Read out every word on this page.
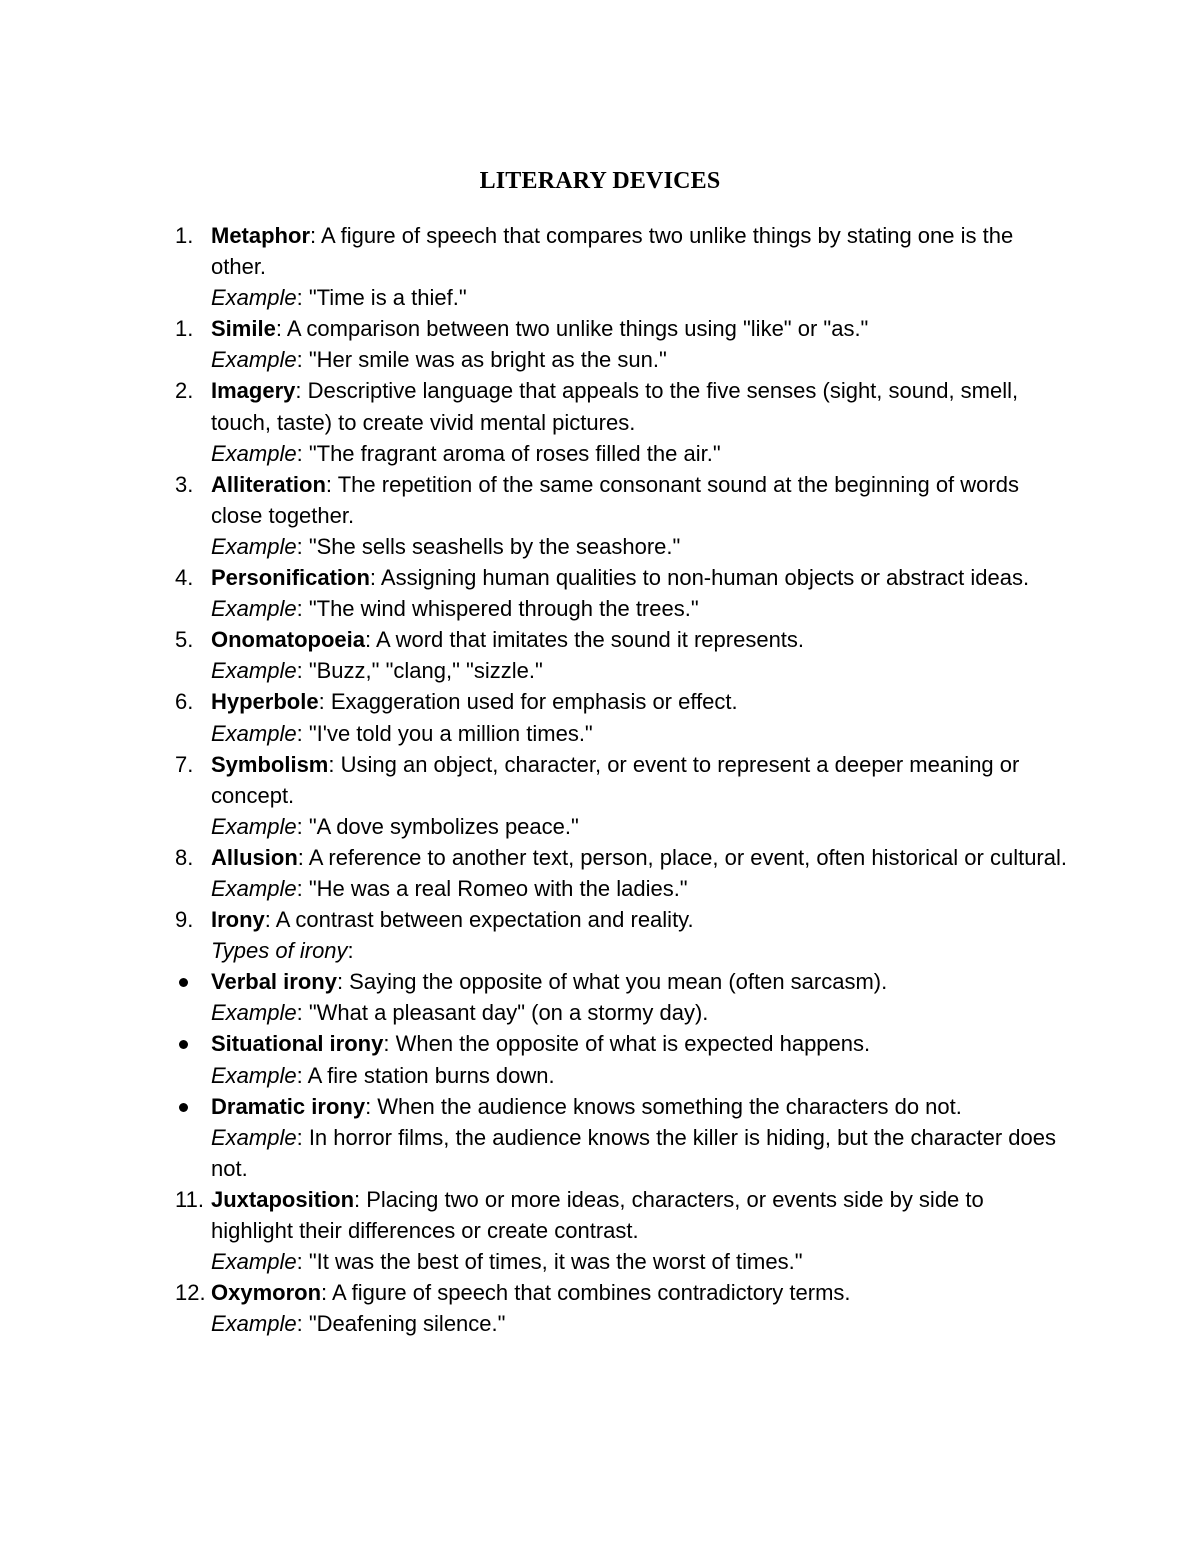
LITERARY DEVICES
1. Metaphor: A figure of speech that compares two unlike things by stating one is the other.
Example: "Time is a thief."
1. Simile: A comparison between two unlike things using "like" or "as."
Example: "Her smile was as bright as the sun."
2. Imagery: Descriptive language that appeals to the five senses (sight, sound, smell, touch, taste) to create vivid mental pictures.
Example: "The fragrant aroma of roses filled the air."
3. Alliteration: The repetition of the same consonant sound at the beginning of words close together.
Example: "She sells seashells by the seashore."
4. Personification: Assigning human qualities to non-human objects or abstract ideas.
Example: "The wind whispered through the trees."
5. Onomatopoeia: A word that imitates the sound it represents.
Example: "Buzz," "clang," "sizzle."
6. Hyperbole: Exaggeration used for emphasis or effect.
Example: "I've told you a million times."
7. Symbolism: Using an object, character, or event to represent a deeper meaning or concept.
Example: "A dove symbolizes peace."
8. Allusion: A reference to another text, person, place, or event, often historical or cultural.
Example: "He was a real Romeo with the ladies."
9. Irony: A contrast between expectation and reality.
Types of irony:
Verbal irony: Saying the opposite of what you mean (often sarcasm).
Example: "What a pleasant day" (on a stormy day).
Situational irony: When the opposite of what is expected happens.
Example: A fire station burns down.
Dramatic irony: When the audience knows something the characters do not.
Example: In horror films, the audience knows the killer is hiding, but the character does not.
11. Juxtaposition: Placing two or more ideas, characters, or events side by side to highlight their differences or create contrast.
Example: "It was the best of times, it was the worst of times."
12. Oxymoron: A figure of speech that combines contradictory terms.
Example: "Deafening silence."
